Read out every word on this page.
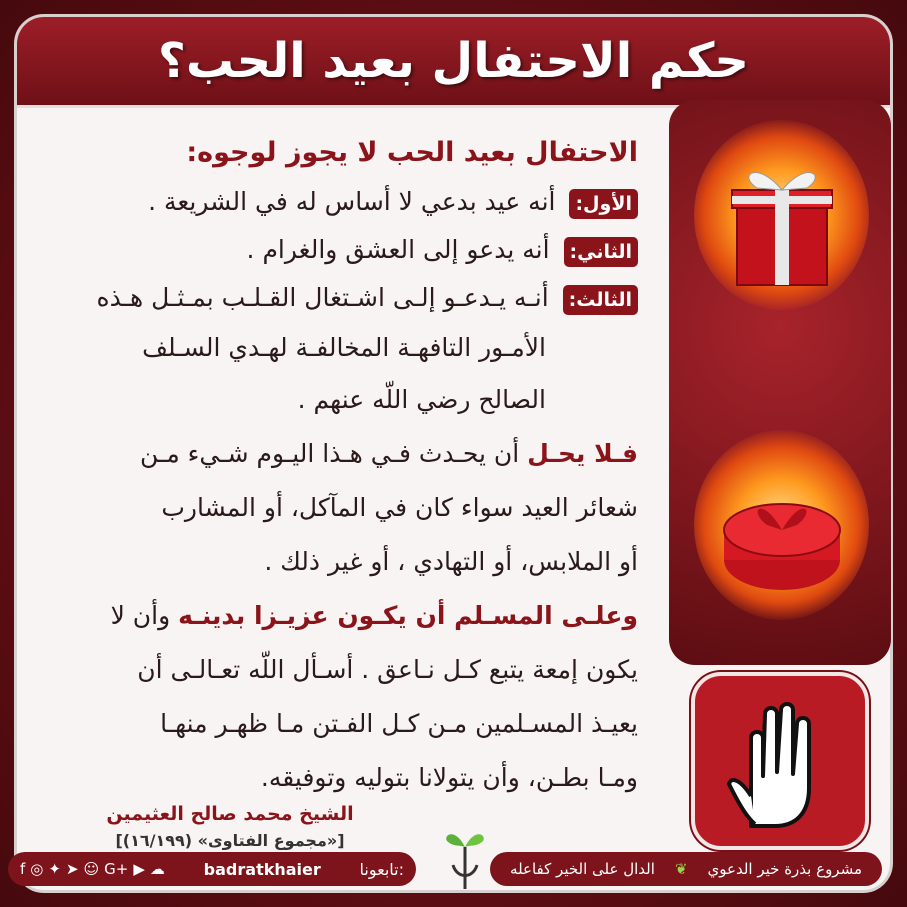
حكم الاحتفال بعيد الحب؟
الاحتفال بعيد الحب لا يجوز لوجوه:
الأول: أنه عيد بدعي لا أساس له في الشريعة .
الثاني: أنه يدعو إلى العشق والغرام .
الثالث: أنـه يـدعـو إلـى اشـتغال القـلـب بمـثـل هـذه
الأمـور التافهـة المخالفـة لهـدي السـلف
الصالح رضي اللّه عنهم .
فـلا يحـل أن يحـدث فـي هـذا اليـوم شـيء مـن
شعائر العيد سواء كان في المآكل، أو المشارب
أو الملابس، أو التهادي ، أو غير ذلك .
وعلـى المسـلم أن يكـون عزيـزا بدينـه وأن لا
يكون إمعة يتبع كـل نـاعق . أسـأل اللّه تعـالـى أن
يعيـذ المسـلمين مـن كـل الفـتن مـا ظهـر منهـا
ومـا بطـن، وأن يتولانا بتوليه وتوفيقه.
الشيخ محمد صالح العثيمين
[«مجموع الفتاوى» (١٦/١٩٩)]
f ◎ ✦ ➤ ☺ G+ ▶ ☁ badratkhaier تابعونا:	مشروع بذرة خير الدعوي
❦
الدال على الخير كفاعله
